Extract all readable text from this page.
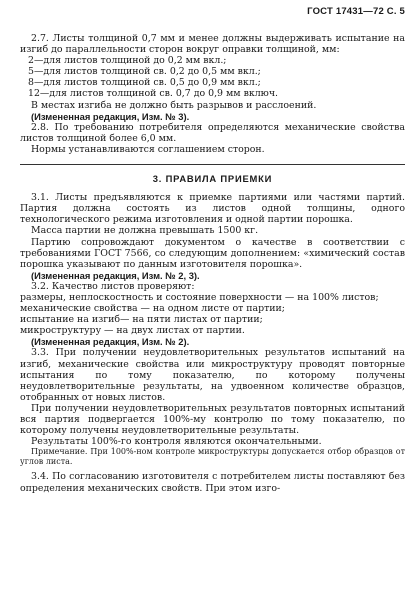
ГОСТ 17431—72 С. 5

2.7. Листы толщиной 0,7 мм и менее должны выдерживать испытание на изгиб до параллельности сторон вокруг оправки толщиной, мм:

2—для листов толщиной до 0,2 мм вкл.;

5—для листов толщиной св. 0,2 до 0,5 мм вкл.;

8—для листов толщиной св. 0,5 до 0,9 мм вкл.;

12—для листов толщиной св. 0,7 до 0,9 мм включ.

В местах изгиба не должно быть разрывов и расслоений.

(Измененная редакция, Изм. № 3).

2.8. По требованию потребителя определяются механические свойства листов толщиной более 6,0 мм.

Нормы устанавливаются соглашением сторон.

3. ПРАВИЛА ПРИЕМКИ

3.1. Листы предъявляются к приемке партиями или частями партий. Партия должна состоять из листов одной толщины, одного технологического режима изготовления и одной партии порошка.

Масса партии не должна превышать 1500 кг.

Партию сопровождают документом о качестве в соответствии с требованиями ГОСТ 7566, со следующим дополнением: «химический состав порошка указывают по данным изготовителя порошка».

(Измененная редакция, Изм. № 2, 3).

3.2. Качество листов проверяют:

размеры, неплоскостность и состояние поверхности — на 100% листов;

механические свойства — на одном листе от партии;

испытание на изгиб— на пяти листах от партии;

микроструктуру — на двух листах от партии.

(Измененная редакция, Изм. № 2).

3.3. При получении неудовлетворительных результатов испытаний на изгиб, механические свойства или микроструктуру проводят повторные испытания по тому показателю, по которому получены неудовлетворительные результаты, на удвоенном количестве образцов, отобранных от новых листов.

При получении неудовлетворительных результатов повторных испытаний вся партия подвергается 100%-му контролю по тому показателю, по которому получены неудовлетворительные результаты.

Результаты 100%-го контроля являются окончательными.

Примечание. При 100%-ном контроле микроструктуры допускается отбор образцов от углов листа.

3.4. По согласованию изготовителя с потребителем листы поставляют без определения механических свойств. При этом изго-
